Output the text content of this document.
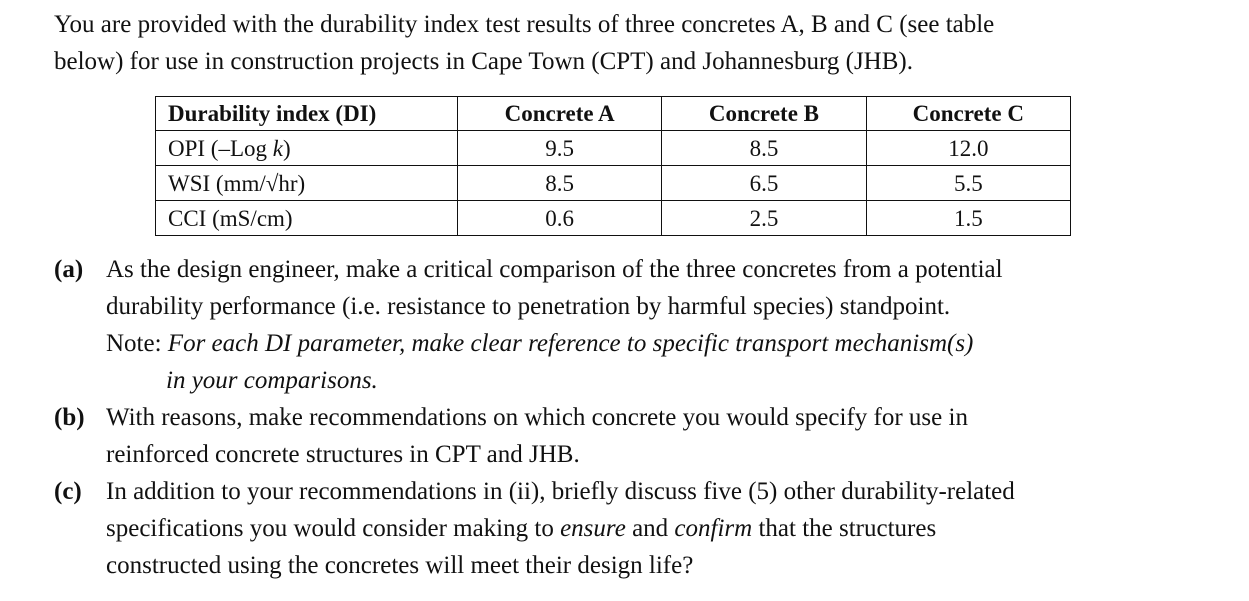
You are provided with the durability index test results of three concretes A, B and C (see table

below) for use in construction projects in Cape Town (CPT) and Johannesburg (JHB).

Durability index (DI)	Concrete A	Concrete B	Concrete C
OPI (–Log k)	9.5	8.5	12.0
WSI (mm/√hr)	8.5	6.5	5.5
CCI (mS/cm)	0.6	2.5	1.5
(a) As the design engineer, make a critical comparison of the three concretes from a potential

durability performance (i.e. resistance to penetration by harmful species) standpoint.

Note: For each DI parameter, make clear reference to specific transport mechanism(s)
in your comparisons.

(b) With reasons, make recommendations on which concrete you would specify for use in

reinforced concrete structures in CPT and JHB.

(c) In addition to your recommendations in (ii), briefly discuss five (5) other durability-related

specifications you would consider making to ensure and confirm that the structures

constructed using the concretes will meet their design life?
